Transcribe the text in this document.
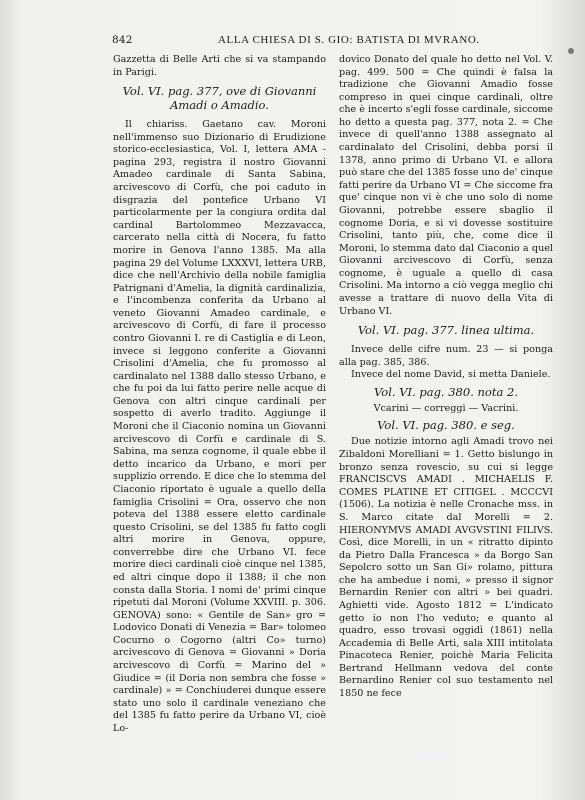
842	ALLA CHIESA DI S. GIO: BATISTA DI MVRANO.

Gazzetta di Belle Arti che si va stampando in Parigi.

Vol. VI. pag. 377, ove di Giovanni Amadi o Amadio.

Il chiariss. Gaetano cav. Moroni nell'immenso suo Dizionario di Erudizione storico-ecclesiastica, Vol. I, lettera AMA - pagina 293, registra il nostro Giovanni Amadeo cardinale di Santa Sabina, arcivescovo di Corfù, che poi caduto in disgrazia del pontefice Urbano VI particolarmente per la congiura ordita dal cardinal Bartolommeo Mezzavacca, carcerato nella città di Nocera, fu fatto morire in Genova l'anno 1385. Ma alla pagina 29 del Volume LXXXVI, lettera URB, dice che nell'Archivio della nobile famiglia Patrignani d'Amelia, la dignità cardinalizia, e l'incombenza conferita da Urbano al veneto Giovanni Amadeo cardinale, e arcivescovo di Corfù, di fare il processo contro Giovanni I. re di Castiglia e di Leon, invece si leggono conferite a Giovanni Crisolini d'Amelia, che fu promosso al cardinalato nel 1388 dallo stesso Urbano, e che fu poi da lui fatto perire nelle acque di Genova con altri cinque cardinali per sospetto di averlo tradito. Aggiunge il Moroni che il Ciaconio nomina un Giovanni arcivescovo di Corfù e cardinale di S. Sabina, ma senza cognome, il quale ebbe il detto incarico da Urbano, e mori per supplizio orrendo. E dice che lo stemma del Ciaconio riportato è uguale a quello della famiglia Crisolini = Ora, osservo che non poteva del 1388 essere eletto cardinale questo Crisolini, se del 1385 fu fatto cogli altri morire in Genova, oppure, converrebbe dire che Urbano VI. fece morire dieci cardinali cioè cinque nel 1385, ed altri cinque dopo il 1388; il che non consta dalla Storia. I nomi de' primi cinque ripetuti dal Moroni (Volume XXVIII. p. 306. GENOVA) sono: « Gentile de San» gro = Lodovico Donati di Venezia = Bar» tolomeo Cocurno o Cogorno (altri Co» turno) arcivescovo di Genova = Giovanni » Doria arcivescovo di Corfù = Marino del » Giudice = (il Doria non sembra che fosse » cardinale) » = Conchiuderei dunque essere stato uno solo il cardinale veneziano che del 1385 fu fatto perire da Urbano VI, cioè Lo-

dovico Donato del quale ho detto nel Vol. V. pag. 499. 500 = Che quindi è falsa la tradizione che Giovanni Amadio fosse compreso in quei cinque cardinali, oltre che è incerto s'egli fosse cardinale, siccome ho detto a questa pag. 377, nota 2. = Che invece di quell'anno 1388 assegnato al cardinalato del Crisolini, debba porsi il 1378, anno primo di Urbano VI. e allora può stare che del 1385 fosse uno de' cinque fatti perire da Urbano VI = Che siccome fra que' cinque non vi è che uno solo di nome Giovanni, potrebbe essere sbaglio il cognome Doria, e si vi dovesse sostituire Crisolini, tanto più, che, come dice il Moroni, lo stemma dato dal Ciaconio a quel Giovanni arcivescovo di Corfù, senza cognome, è uguale a quello di casa Crisolini. Ma intorno a ciò vegga meglio chi avesse a trattare di nuovo della Vita di Urbano VI.

Vol. VI. pag. 377. linea ultima.

Invece delle cifre num. 23 — si ponga alla pag. 385, 386.

Invece del nome David, si metta Daniele.

Vol. VI. pag. 380. nota 2.

Vcarini — correggi — Vacrini.

Vol. VI. pag. 380. e seg.

Due notizie intorno agli Amadi trovo nei Zibaldoni Morelliani = 1. Getto bislungo in bronzo senza rovescio, su cui si legge FRANCISCVS AMADI . MICHAELIS F. COMES PLATINE ET CITIGEL . MCCCVI (1506). La notizia è nelle Cronache mss. in S. Marco citate dal Morelli = 2. HIERONYMVS AMADI AVGVSTINI FILIVS. Così, dice Morelli, in un « ritratto dipinto da Pietro Dalla Francesca » da Borgo San Sepolcro sotto un San Gi» rolamo, pittura che ha ambedue i nomi, » presso il signor Bernardin Renier con altri » bei quadri. Aghietti vide. Agosto 1812 = L'indicato getto io non l'ho veduto; e quanto al quadro, esso trovasi oggidì (1861) nella Accademia di Belle Arti, sala XIII intitolata Pinacoteca Renier, poichè Maria Felicita Bertrand Hellmann vedova del conte Bernardino Renier col suo testamento nel 1850 ne fece
